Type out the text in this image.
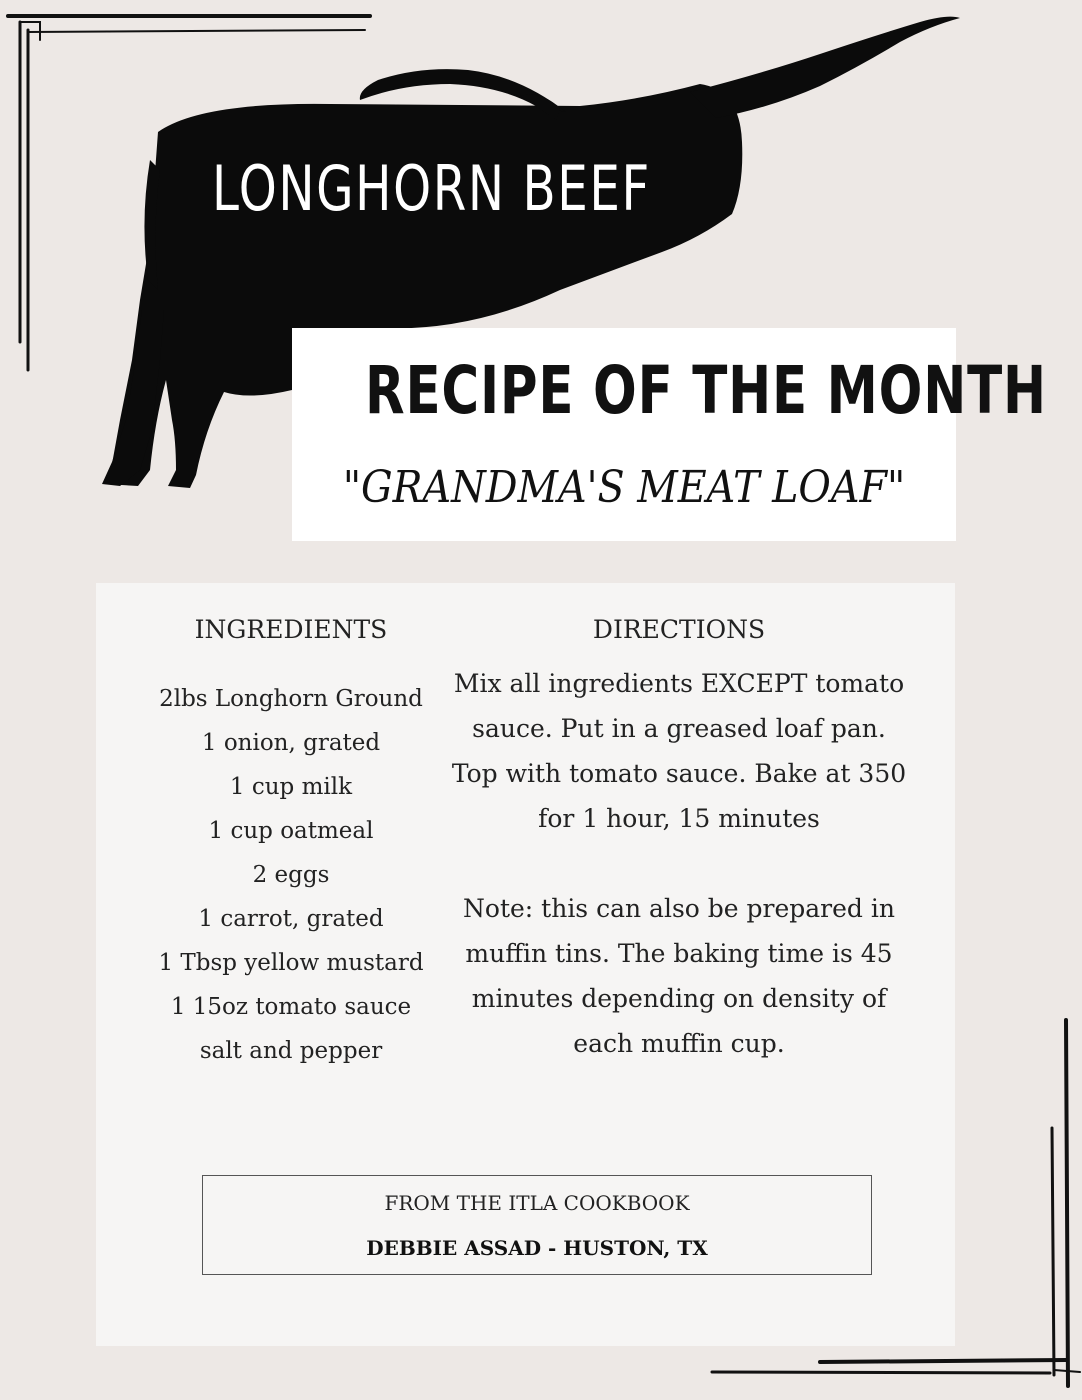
LONGHORN BEEF
RECIPE OF THE MONTH
"GRANDMA'S MEAT LOAF"
INGREDIENTS	DIRECTIONS
2lbs Longhorn Ground
1 onion, grated
1 cup milk
1 cup oatmeal
2 eggs
1 carrot, grated
1 Tbsp yellow mustard
1 15oz tomato sauce
salt and pepper

Mix all ingredients EXCEPT tomato sauce. Put in a greased loaf pan. Top with tomato sauce. Bake at 350 for 1 hour, 15 minutes

Note: this can also be prepared in muffin tins. The baking time is 45 minutes depending on density of each muffin cup.

FROM THE ITLA COOKBOOK
DEBBIE ASSAD - HUSTON, TX
